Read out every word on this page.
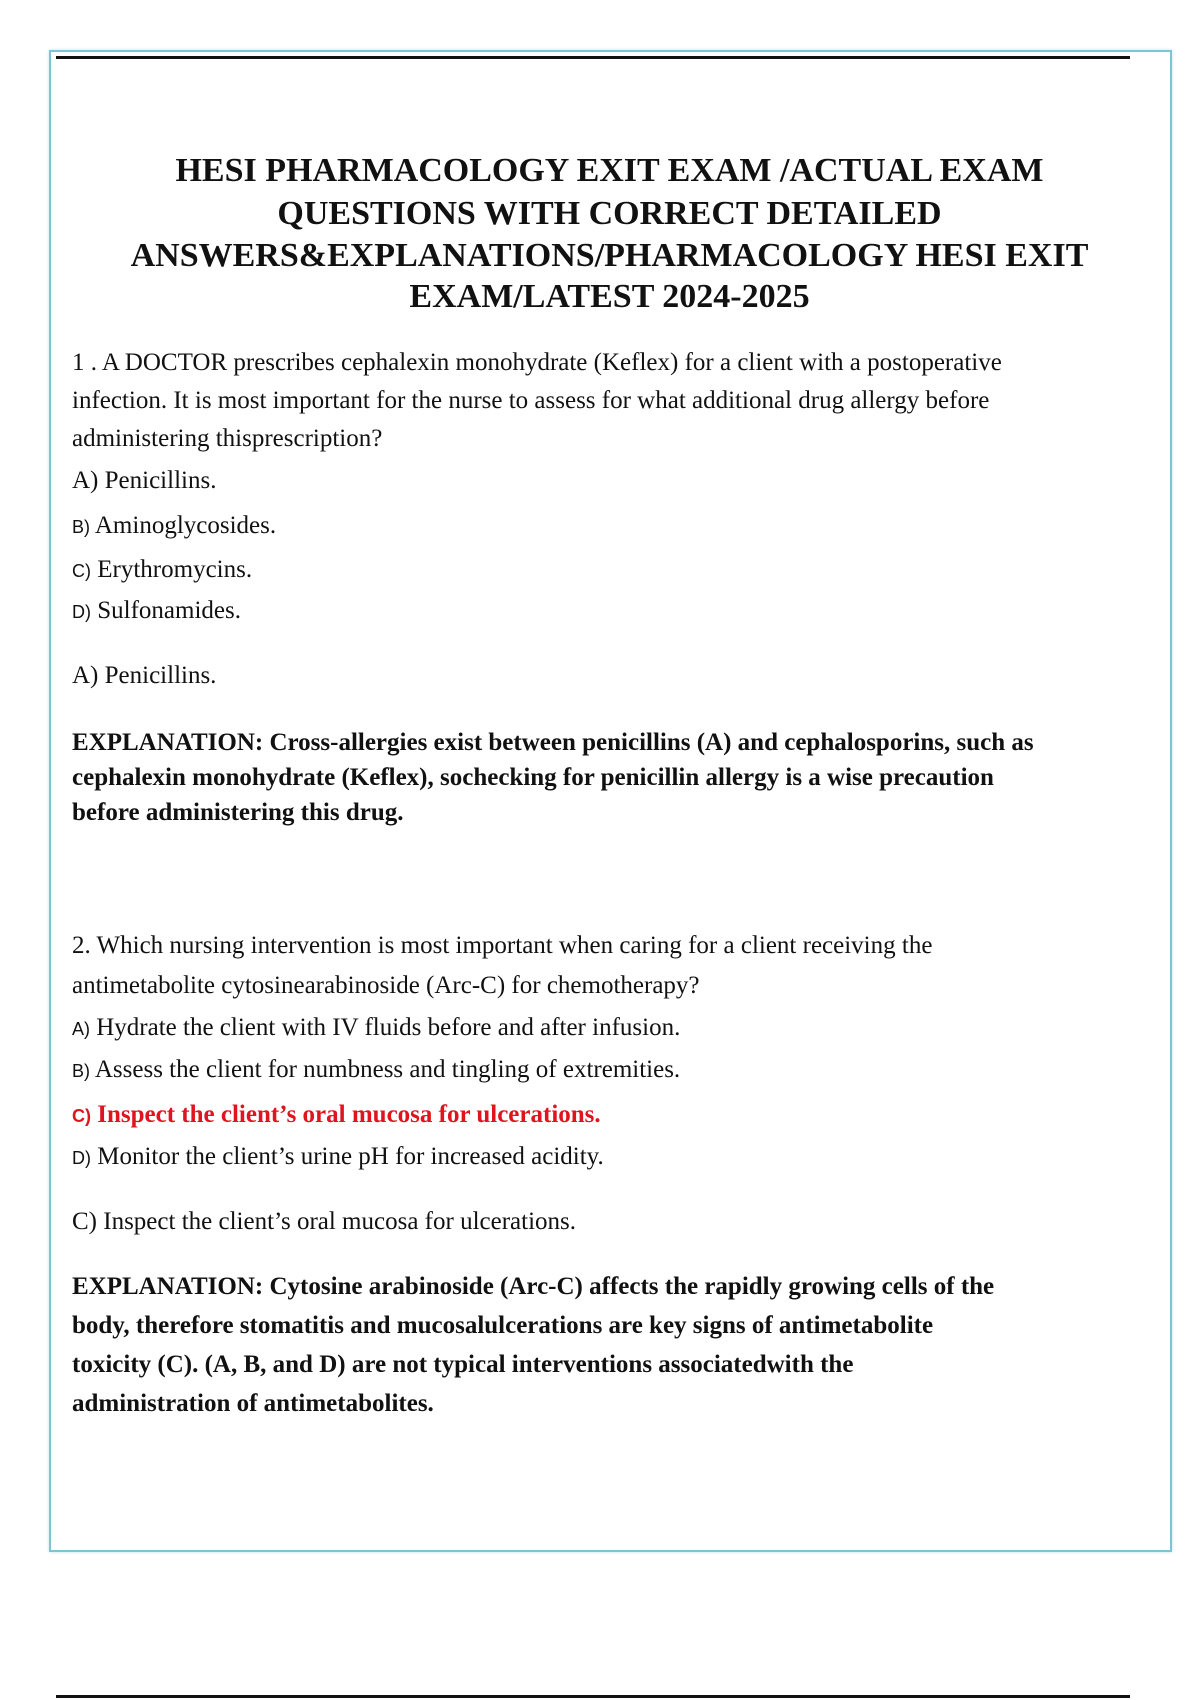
HESI PHARMACOLOGY EXIT EXAM /ACTUAL EXAM
QUESTIONS WITH CORRECT DETAILED
ANSWERS&EXPLANATIONS/PHARMACOLOGY HESI EXIT
EXAM/LATEST 2024-2025
1 . A DOCTOR prescribes cephalexin monohydrate (Keflex) for a client with a postoperative
infection. It is most important for the nurse to assess for what additional drug allergy before
administering thisprescription?
A) Penicillins.
B) Aminoglycosides.
C) Erythromycins.
D) Sulfonamides.
A) Penicillins.
EXPLANATION: Cross-allergies exist between penicillins (A) and cephalosporins, such as
cephalexin monohydrate (Keflex), sochecking for penicillin allergy is a wise precaution
before administering this drug.
2. Which nursing intervention is most important when caring for a client receiving the
antimetabolite cytosinearabinoside (Arc-C) for chemotherapy?
A) Hydrate the client with IV fluids before and after infusion.
B) Assess the client for numbness and tingling of extremities.
C) Inspect the client’s oral mucosa for ulcerations.
D) Monitor the client’s urine pH for increased acidity.
C) Inspect the client’s oral mucosa for ulcerations.
EXPLANATION: Cytosine arabinoside (Arc-C) affects the rapidly growing cells of the
body, therefore stomatitis and mucosalulcerations are key signs of antimetabolite
toxicity (C). (A, B, and D) are not typical interventions associatedwith the
administration of antimetabolites.
